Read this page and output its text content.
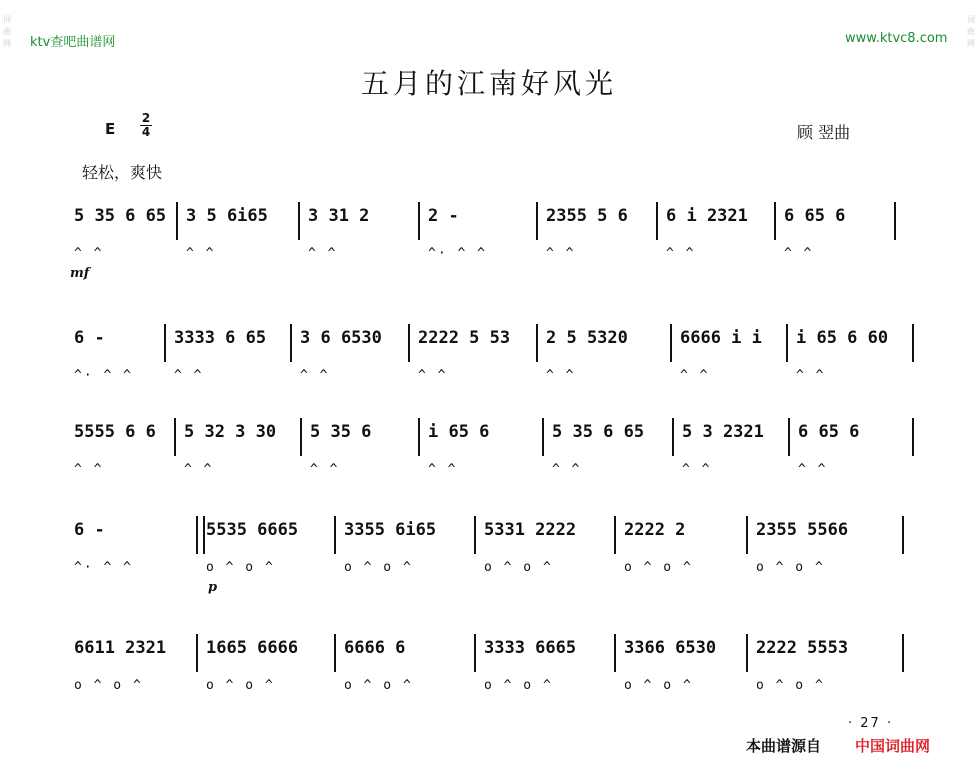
词曲网
词曲网
ktv查吧曲谱网	www.ktvc8.com
五月的江南好风光
E $\frac{2}{4}$	顾 翌曲
轻松，爽快
5 35 6 65
^ ^
3 5 6i65
^ ^
3 31 2
^ ^
2 -
^· ^ ^
2355 5 6
^ ^
6 i 2321
^ ^
6 65 6
^ ^
mf
6 -
^· ^ ^
3333 6 65
^ ^
3 6 6530
^ ^
2222 5 53
^ ^
2 5 5320
^ ^
6666 i i
^ ^
i 65 6 60
^ ^
5555 6 6
^ ^
5 32 3 30
^ ^
5 35 6
^ ^
i 65 6
^ ^
5 35 6 65
^ ^
5 3 2321
^ ^
6 65 6
^ ^
6 -
^· ^ ^
5535 6665
o ^ o ^
3355 6i65
o ^ o ^
5331 2222
o ^ o ^
2222 2
o ^ o ^
2355 5566
o ^ o ^
p
6611 2321
o ^ o ^
1665 6666
o ^ o ^
6666 6
o ^ o ^
3333 6665
o ^ o ^
3366 6530
o ^ o ^
2222 5553
o ^ o ^
· 27 ·
本曲谱源自 中国词曲网
